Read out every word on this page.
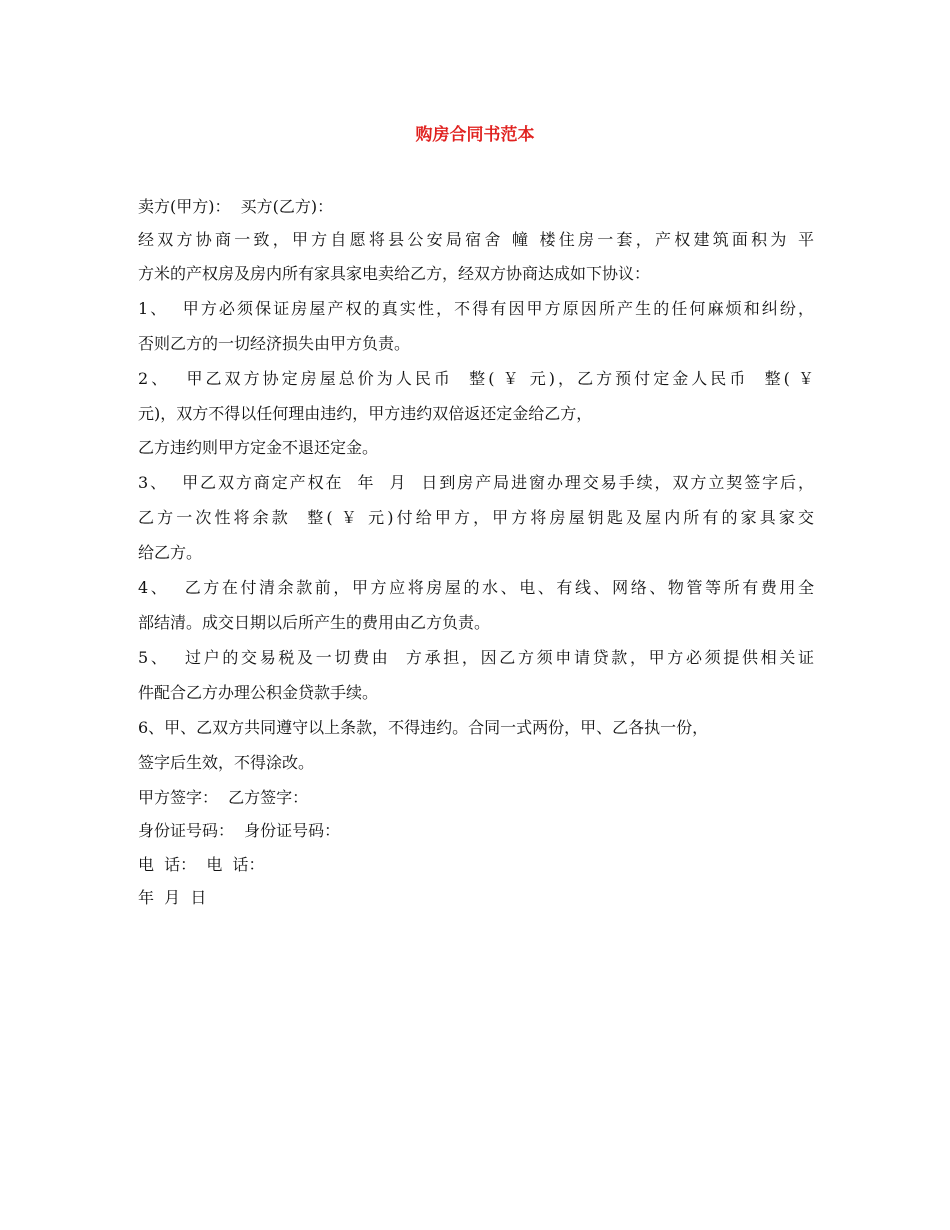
购房合同书范本

卖方(甲方)：  买方(乙方)：

经双方协商一致，甲方自愿将县公安局宿舍 幢 楼住房一套，产权建筑面积为 平

方米的产权房及房内所有家具家电卖给乙方，经双方协商达成如下协议：

1、  甲方必须保证房屋产权的真实性，不得有因甲方原因所产生的任何麻烦和纠纷，

否则乙方的一切经济损失由甲方负责。

2、  甲乙双方协定房屋总价为人民币  整( ￥ 元)，乙方预付定金人民币  整( ￥

元)，双方不得以任何理由违约，甲方违约双倍返还定金给乙方，

乙方违约则甲方定金不退还定金。

3、  甲乙双方商定产权在  年  月  日到房产局进窗办理交易手续，双方立契签字后，

乙方一次性将余款  整( ￥ 元)付给甲方，甲方将房屋钥匙及屋内所有的家具家交

给乙方。

4、  乙方在付清余款前，甲方应将房屋的水、电、有线、网络、物管等所有费用全

部结清。成交日期以后所产生的费用由乙方负责。

5、  过户的交易税及一切费由  方承担，因乙方须申请贷款，甲方必须提供相关证

件配合乙方办理公积金贷款手续。

6、甲、乙双方共同遵守以上条款，不得违约。合同一式两份，甲、乙各执一份，

签字后生效，不得涂改。

甲方签字：  乙方签字：

身份证号码：  身份证号码：

电  话：  电  话：

年  月  日
